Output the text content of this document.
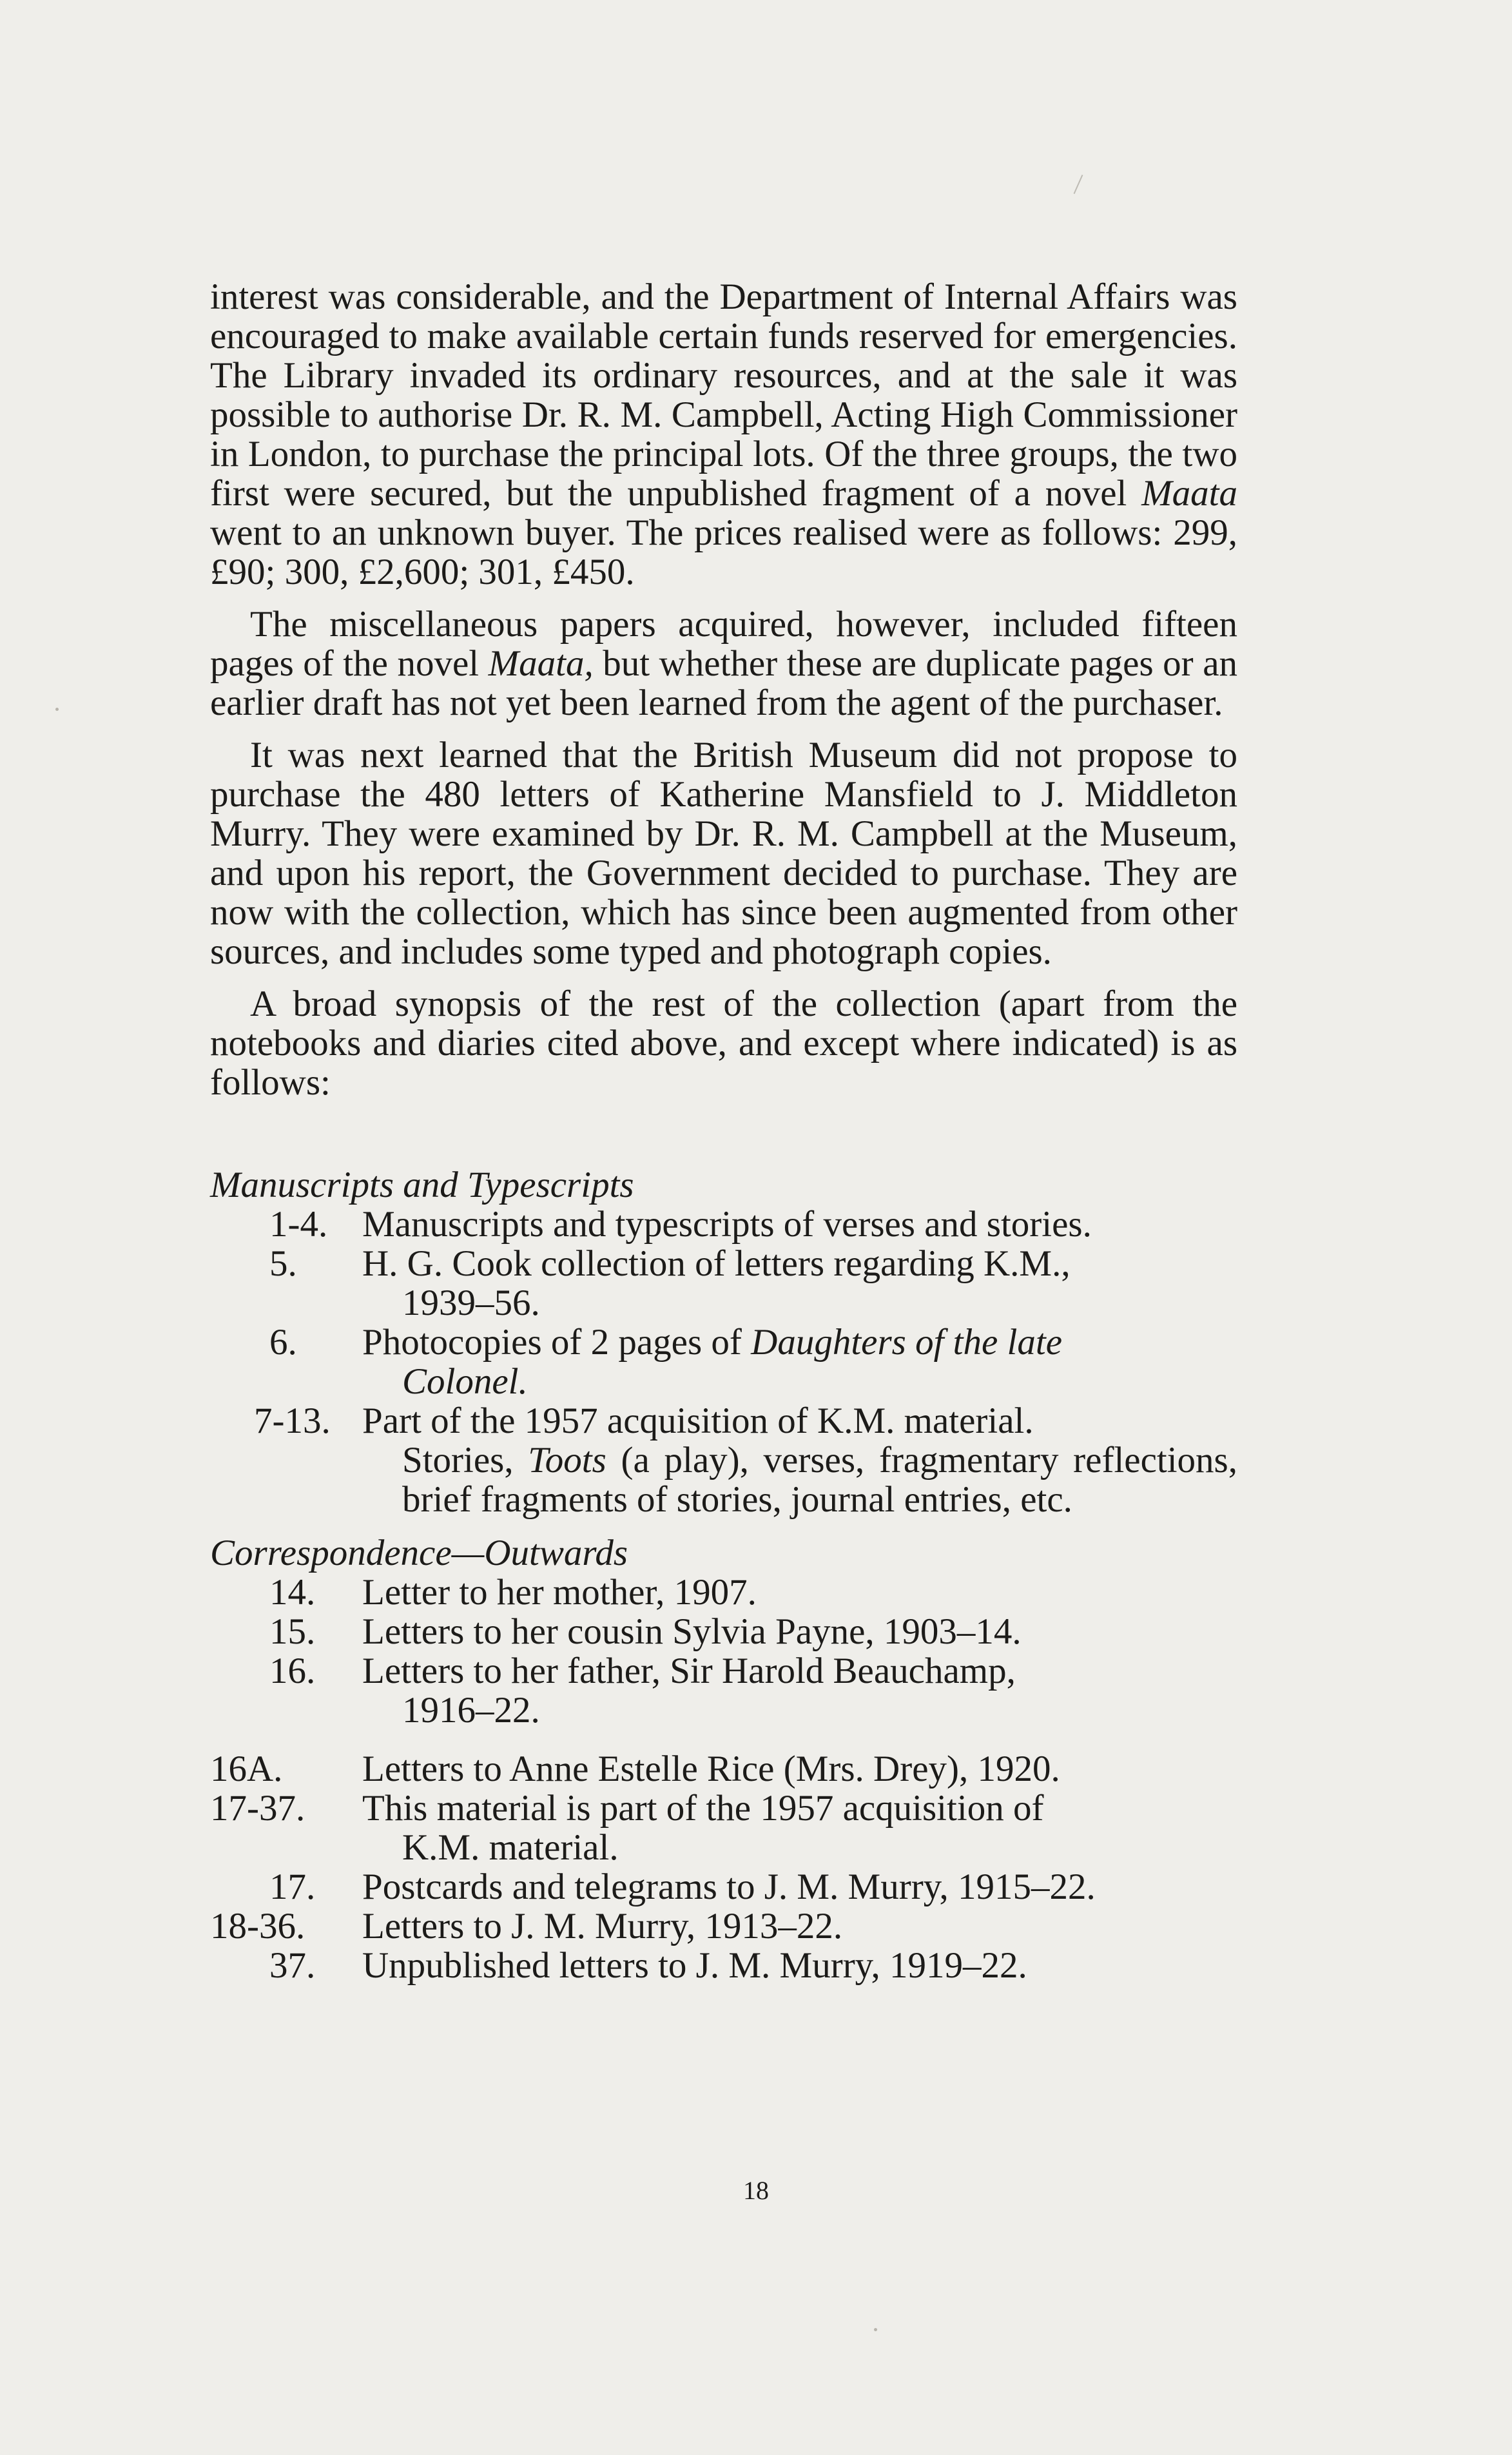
interest was considerable, and the Department of Internal Affairs was encouraged to make available certain funds reserved for emergencies. The Library invaded its ordinary resources, and at the sale it was possible to authorise Dr. R. M. Campbell, Acting High Commissioner in London, to purchase the principal lots. Of the three groups, the two first were secured, but the unpublished fragment of a novel Maata went to an unknown buyer. The prices realised were as follows: 299, £90; 300, £2,600; 301, £450.

The miscellaneous papers acquired, however, included fifteen pages of the novel Maata, but whether these are duplicate pages or an earlier draft has not yet been learned from the agent of the purchaser.

It was next learned that the British Museum did not propose to purchase the 480 letters of Katherine Mansfield to J. Middleton Murry. They were examined by Dr. R. M. Campbell at the Museum, and upon his report, the Government decided to purchase. They are now with the collection, which has since been augmented from other sources, and includes some typed and photograph copies.

A broad synopsis of the rest of the collection (apart from the notebooks and diaries cited above, and except where indicated) is as follows:

Manuscripts and Typescripts
1-4. Manuscripts and typescripts of verses and stories.
5.	H. G. Cook collection of letters regarding K.M.,
1939–56.
6.	Photocopies of 2 pages of Daughters of the late
Colonel.
7-13. Part of the 1957 acquisition of K.M. material.
Stories, Toots (a play), verses, fragmentary reflections, brief fragments of stories, journal entries, etc.
Correspondence—Outwards
14.	Letter to her mother, 1907.
15.	Letters to her cousin Sylvia Payne, 1903–14.
16.	Letters to her father, Sir Harold Beauchamp,
1916–22.
16A.	Letters to Anne Estelle Rice (Mrs. Drey), 1920.
17-37.	This material is part of the 1957 acquisition of
K.M. material.
17.	Postcards and telegrams to J. M. Murry, 1915–22.
18-36.	Letters to J. M. Murry, 1913–22.
37.	Unpublished letters to J. M. Murry, 1919–22.
18
